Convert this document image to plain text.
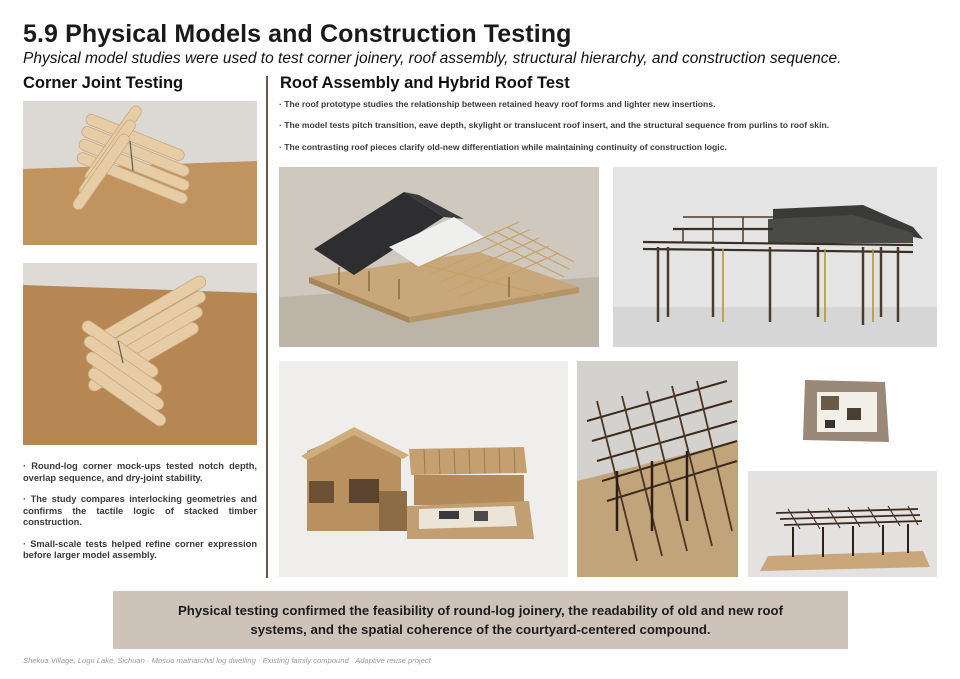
5.9 Physical Models and Construction Testing
Physical model studies were used to test corner joinery, roof assembly, structural hierarchy, and construction sequence.
Corner Joint Testing	Roof Assembly and Hybrid Roof Test

· Round-log corner mock-ups tested notch depth, overlap sequence, and dry-joint stability.

· The study compares interlocking geometries and confirms the tactile logic of stacked timber construction.

· Small-scale tests helped refine corner expression before larger model assembly.

· The roof prototype studies the relationship between retained heavy roof forms and lighter new insertions.

· The model tests pitch transition, eave depth, skylight or translucent roof insert, and the structural sequence from purlins to roof skin.

· The contrasting roof pieces clarify old-new differentiation while maintaining continuity of construction logic.

Physical testing confirmed the feasibility of round-log joinery, the readability of old and new roof systems, and the spatial coherence of the courtyard-centered compound.
Shekua Village, Lugu Lake, Sichuan · Mosuo matriarchal log dwelling · Existing family compound · Adaptive reuse project
